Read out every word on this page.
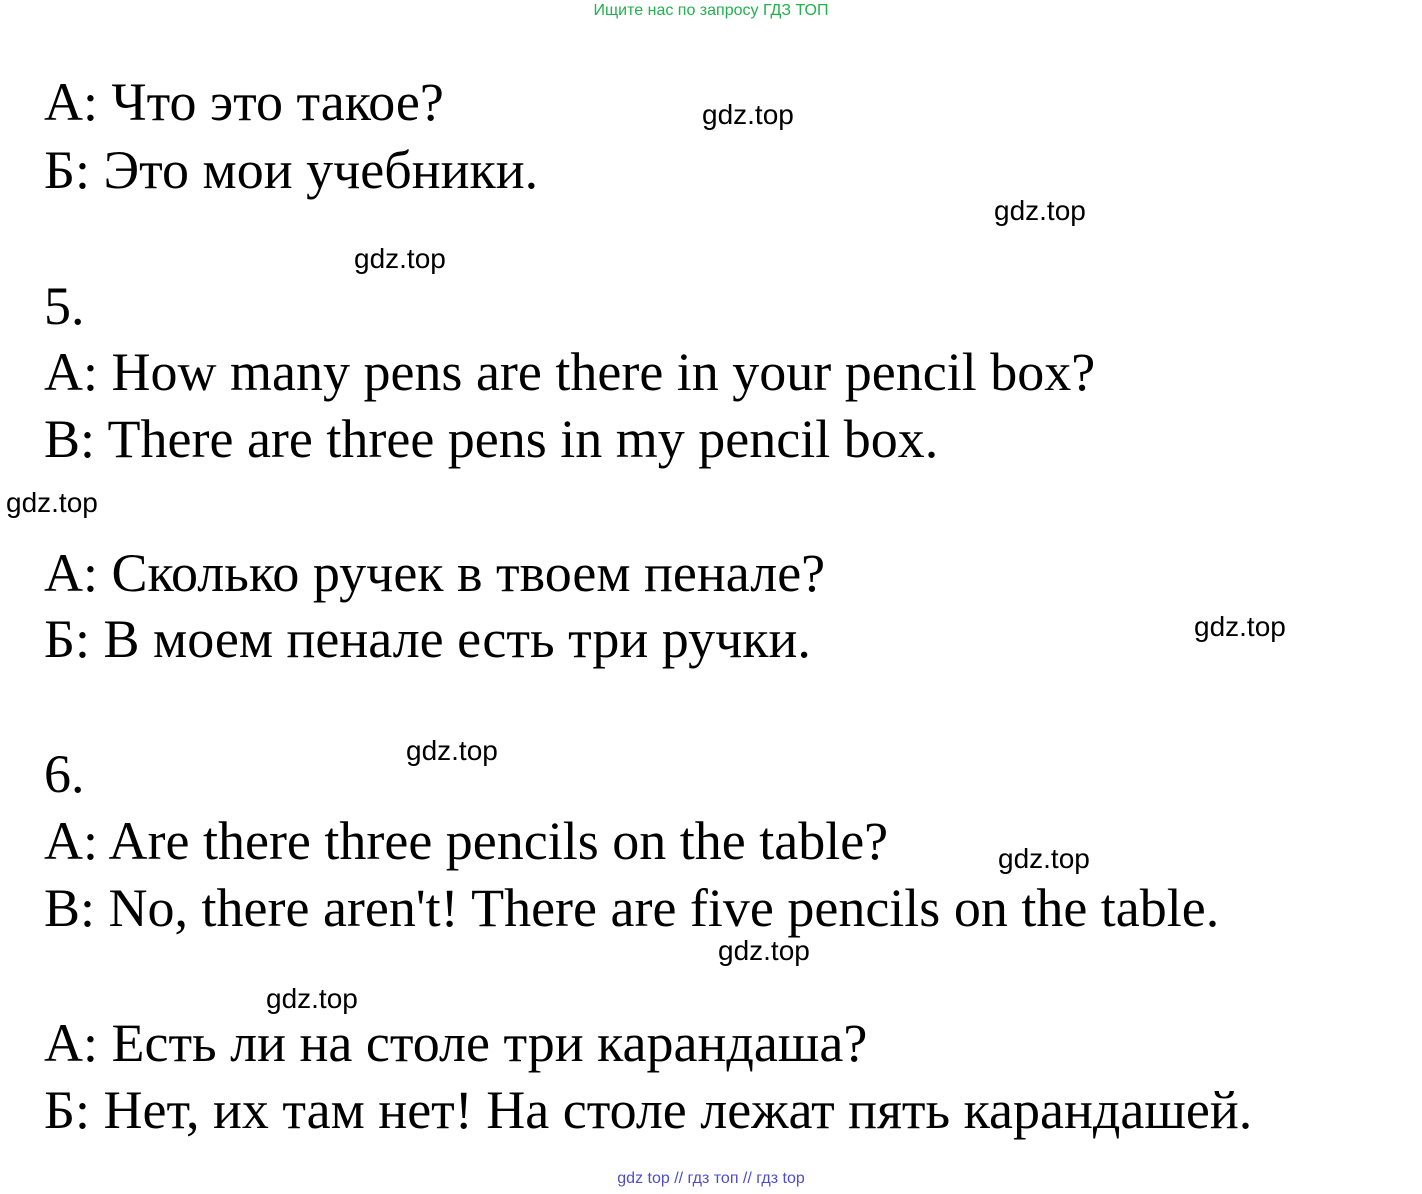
Ищите нас по запросу ГДЗ ТОП
А: Что это такое?
Б: Это мои учебники.
5.
A: How many pens are there in your pencil box?
B: There are three pens in my pencil box.
А: Сколько ручек в твоем пенале?
Б: В моем пенале есть три ручки.
6.
A: Are there three pencils on the table?
B: No, there aren't! There are five pencils on the table.
А: Есть ли на столе три карандаша?
Б: Нет, их там нет! На столе лежат пять карандашей.
gdz.top
gdz.top
gdz.top
gdz.top
gdz.top
gdz.top
gdz.top
gdz.top
gdz.top
gdz top // гдз топ // гдз top
